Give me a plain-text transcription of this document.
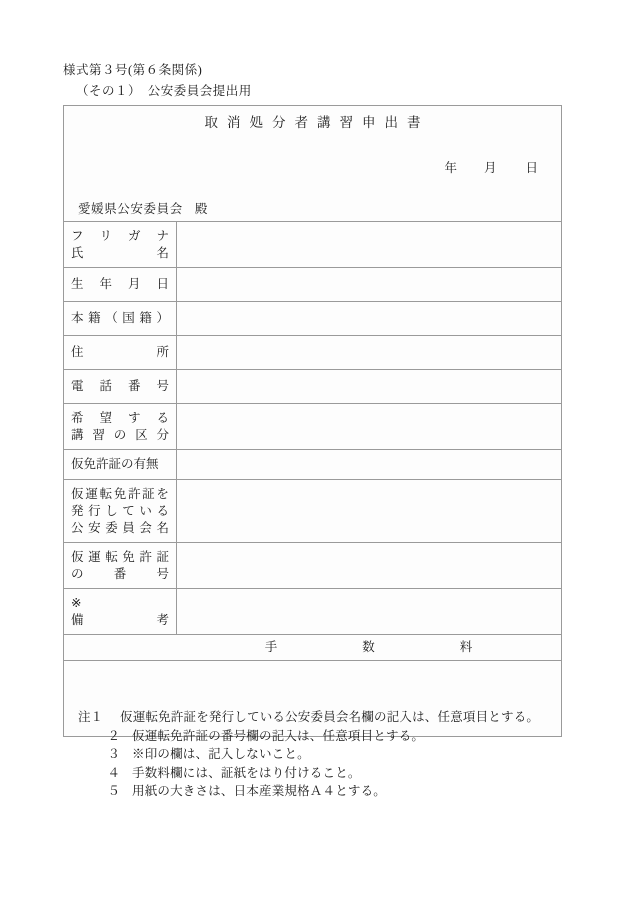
様式第３号(第６条関係)
（その１）　公安委員会提出用
取消処分者講習申出書
年 月 日
愛媛県公安委員会 殿
フ リ ガ ナ
氏	名
生 年 月 日
本 籍 （ 国 籍 ）
住	所
電 話 番 号
希 望 す る
講 習 の 区 分
仮免許証の有無
仮 運 転 免 許 証 を
発 行 し て い る
公 安 委 員 会 名
仮 運 転 免 許 証
の 番 号
※
備	考
手	数	料
注１	仮運転免許証を発行している公安委員会名欄の記入は、任意項目とする。
２ 仮運転免許証の番号欄の記入は、任意項目とする。
３ ※印の欄は、記入しないこと。
４ 手数料欄には、証紙をはり付けること。
５ 用紙の大きさは、日本産業規格Ａ４とする。
